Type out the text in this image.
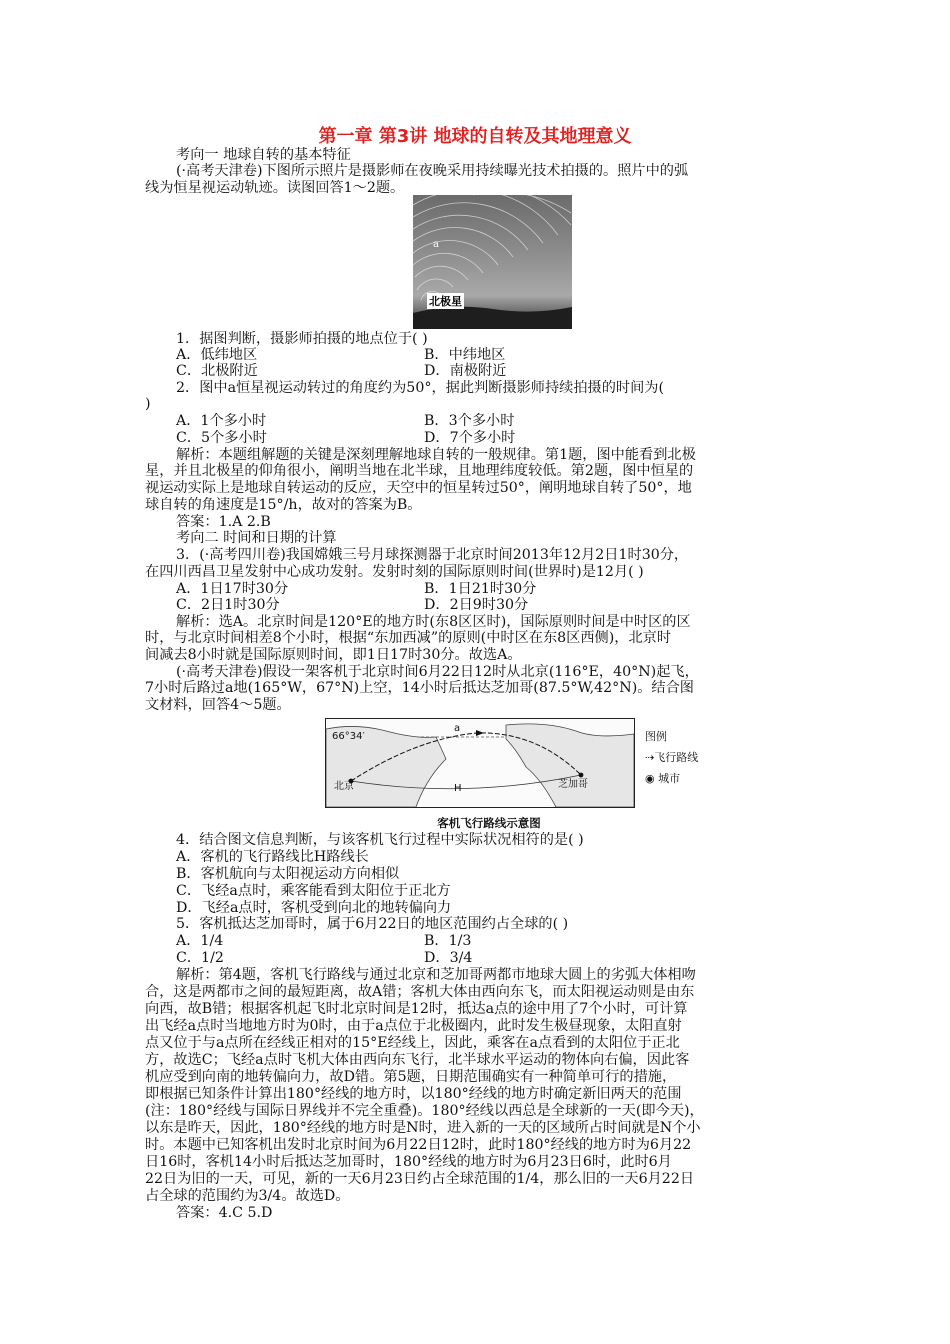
第一章 第3讲 地球的自转及其地理意义
考向一 地球自转的基本特征
(·高考天津卷)下图所示照片是摄影师在夜晚采用持续曝光技术拍摄的。照片中的弧
线为恒星视运动轨迹。读图回答1～2题。
a
北极星
1．据图判断，摄影师拍摄的地点位于( )
A．低纬地区	B．中纬地区
C．北极附近	D．南极附近
2．图中a恒星视运动转过的角度约为50°，据此判断摄影师持续拍摄的时间为(
)
A．1个多小时	B．3个多小时
C．5个多小时	D．7个多小时
解析：本题组解题的关键是深刻理解地球自转的一般规律。第1题，图中能看到北极
星，并且北极星的仰角很小，阐明当地在北半球，且地理纬度较低。第2题，图中恒星的
视运动实际上是地球自转运动的反应，天空中的恒星转过50°，阐明地球自转了50°，地
球自转的角速度是15°/h，故对的答案为B。
答案：1.A 2.B
考向二 时间和日期的计算
3．(·高考四川卷)我国嫦娥三号月球探测器于北京时间2013年12月2日1时30分，
在四川西昌卫星发射中心成功发射。发射时刻的国际原则时间(世界时)是12月( )
A．1日17时30分	B．1日21时30分
C．2日1时30分	D．2日9时30分
解析：选A。北京时间是120°E的地方时(东8区区时)，国际原则时间是中时区的区
时，与北京时间相差8个小时，根据“东加西减”的原则(中时区在东8区西侧)，北京时
间减去8小时就是国际原则时间，即1日17时30分。故选A。
(·高考天津卷)假设一架客机于北京时间6月22日12时从北京(116°E，40°N)起飞，
7小时后路过a地(165°W，67°N)上空，14小时后抵达芝加哥(87.5°W,42°N)。结合图
文材料，回答4～5题。
66°34′
a
北京	芝加哥
H
图例
⇢飞行路线
◉ 城市
客机飞行路线示意图
4．结合图文信息判断，与该客机飞行过程中实际状况相符的是( )
A．客机的飞行路线比H路线长
B．客机航向与太阳视运动方向相似
C．飞经a点时，乘客能看到太阳位于正北方
D．飞经a点时，客机受到向北的地转偏向力
5．客机抵达芝加哥时，属于6月22日的地区范围约占全球的( )
A．1/4	B．1/3
C．1/2	D．3/4
解析：第4题，客机飞行路线与通过北京和芝加哥两都市地球大圆上的劣弧大体相吻
合，这是两都市之间的最短距离，故A错；客机大体由西向东飞，而太阳视运动则是由东
向西，故B错；根据客机起飞时北京时间是12时，抵达a点的途中用了7个小时，可计算
出飞经a点时当地地方时为0时，由于a点位于北极圈内，此时发生极昼现象，太阳直射
点又位于与a点所在经线正相对的15°E经线上，因此，乘客在a点看到的太阳位于正北
方，故选C；飞经a点时飞机大体由西向东飞行，北半球水平运动的物体向右偏，因此客
机应受到向南的地转偏向力，故D错。第5题，日期范围确实有一种简单可行的措施，
即根据已知条件计算出180°经线的地方时，以180°经线的地方时确定新旧两天的范围
(注：180°经线与国际日界线并不完全重叠)。180°经线以西总是全球新的一天(即今天)，
以东是昨天，因此，180°经线的地方时是N时，进入新的一天的区域所占时间就是N个小
时。本题中已知客机出发时北京时间为6月22日12时，此时180°经线的地方时为6月22
日16时，客机14小时后抵达芝加哥时，180°经线的地方时为6月23日6时，此时6月
22日为旧的一天，可见，新的一天6月23日约占全球范围的1/4，那么旧的一天6月22日
占全球的范围约为3/4。故选D。
答案：4.C 5.D
